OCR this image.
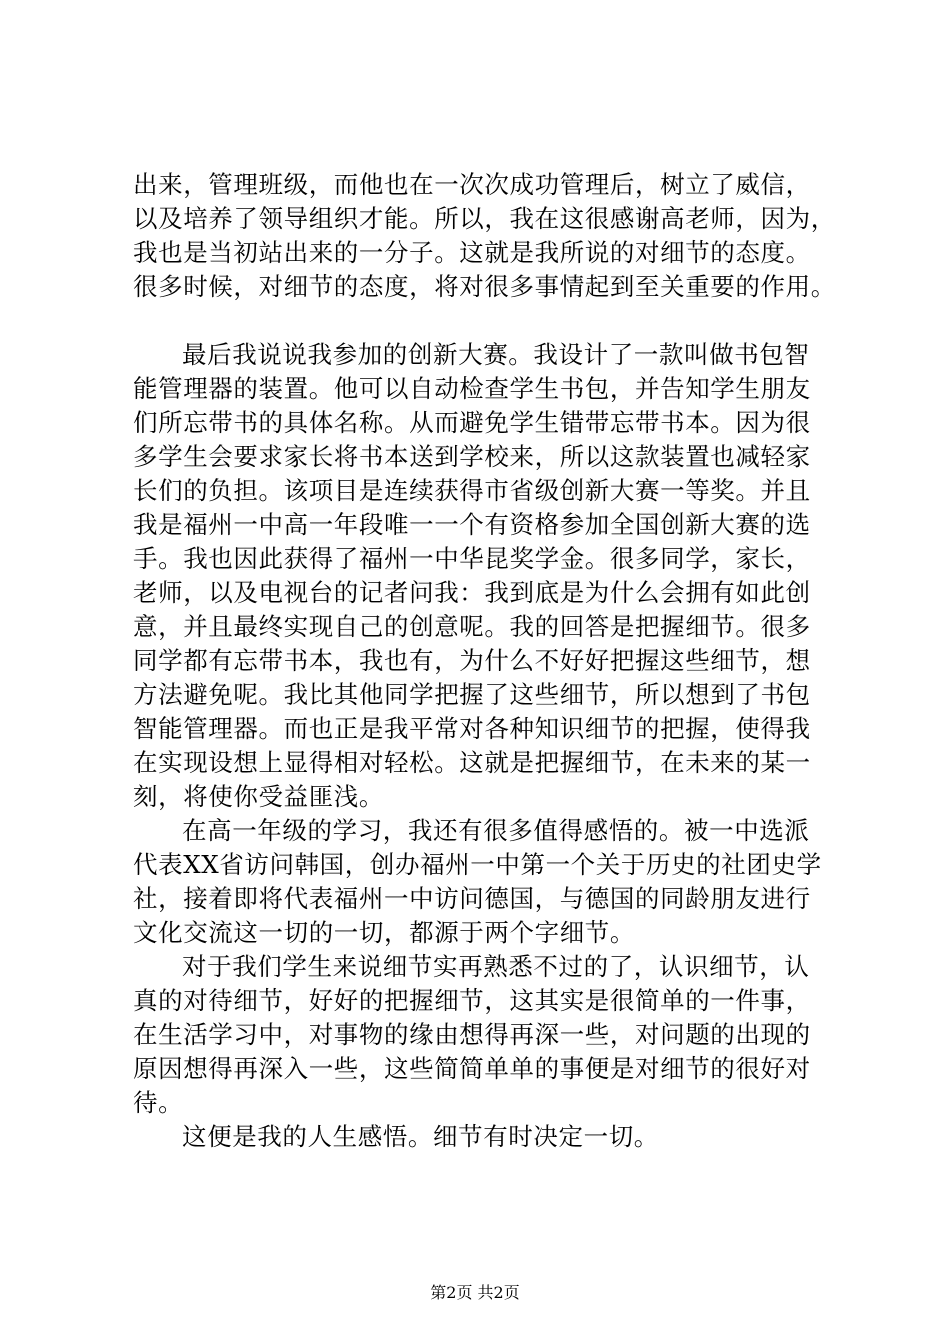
出来，管理班级，而他也在一次次成功管理后，树立了威信，
以及培养了领导组织才能。所以，我在这很感谢高老师，因为，
我也是当初站出来的一分子。这就是我所说的对细节的态度。
很多时候，对细节的态度，将对很多事情起到至关重要的作用。
最后我说说我参加的创新大赛。我设计了一款叫做书包智
能管理器的装置。他可以自动检查学生书包，并告知学生朋友
们所忘带书的具体名称。从而避免学生错带忘带书本。因为很
多学生会要求家长将书本送到学校来，所以这款装置也减轻家
长们的负担。该项目是连续获得市省级创新大赛一等奖。并且
我是福州一中高一年段唯一一个有资格参加全国创新大赛的选
手。我也因此获得了福州一中华昆奖学金。很多同学，家长，
老师，以及电视台的记者问我：我到底是为什么会拥有如此创
意，并且最终实现自己的创意呢。我的回答是把握细节。很多
同学都有忘带书本，我也有，为什么不好好把握这些细节，想
方法避免呢。我比其他同学把握了这些细节，所以想到了书包
智能管理器。而也正是我平常对各种知识细节的把握，使得我
在实现设想上显得相对轻松。这就是把握细节，在未来的某一
刻，将使你受益匪浅。
在高一年级的学习，我还有很多值得感悟的。被一中选派
代表XX省访问韩国，创办福州一中第一个关于历史的社团史学
社，接着即将代表福州一中访问德国，与德国的同龄朋友进行
文化交流这一切的一切，都源于两个字细节。
对于我们学生来说细节实再熟悉不过的了，认识细节，认
真的对待细节，好好的把握细节，这其实是很简单的一件事，
在生活学习中，对事物的缘由想得再深一些，对问题的出现的
原因想得再深入一些，这些简简单单的事便是对细节的很好对
待。
这便是我的人生感悟。细节有时决定一切。
第2页 共2页
